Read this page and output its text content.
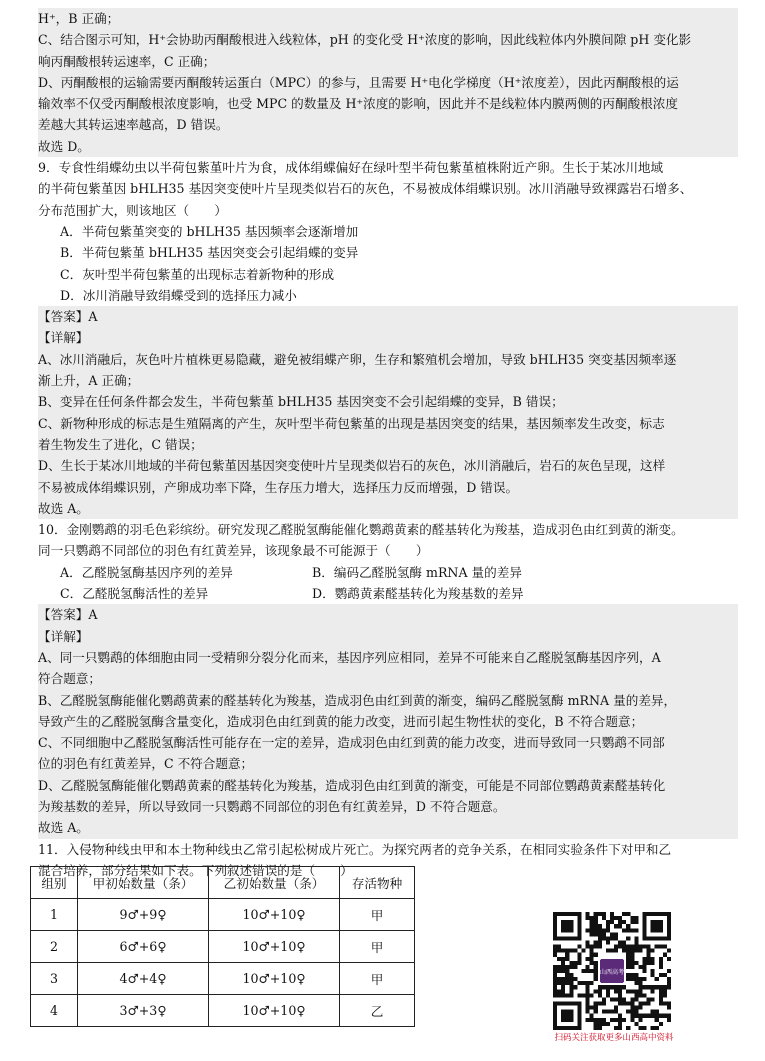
H⁺，B 正确；

C、结合图示可知，H⁺会协助丙酮酸根进入线粒体，pH 的变化受 H⁺浓度的影响，因此线粒体内外膜间隙 pH 变化影

响丙酮酸根转运速率，C 正确；

D、丙酮酸根的运输需要丙酮酸转运蛋白（MPC）的参与，且需要 H⁺电化学梯度（H⁺浓度差），因此丙酮酸根的运

输效率不仅受丙酮酸根浓度影响，也受 MPC 的数量及 H⁺浓度的影响，因此并不是线粒体内膜两侧的丙酮酸根浓度

差越大其转运速率越高，D 错误。

故选 D。

9．专食性绢蝶幼虫以半荷包紫堇叶片为食，成体绢蝶偏好在绿叶型半荷包紫堇植株附近产卵。生长于某冰川地域

的半荷包紫堇因 bHLH35 基因突变使叶片呈现类似岩石的灰色，不易被成体绢蝶识别。冰川消融导致裸露岩石增多、

分布范围扩大，则该地区（　　）

A．半荷包紫堇突变的 bHLH35 基因频率会逐渐增加

B．半荷包紫堇 bHLH35 基因突变会引起绢蝶的变异

C．灰叶型半荷包紫堇的出现标志着新物种的形成

D．冰川消融导致绢蝶受到的选择压力减小

【答案】A

【详解】

A、冰川消融后，灰色叶片植株更易隐藏，避免被绢蝶产卵，生存和繁殖机会增加，导致 bHLH35 突变基因频率逐

渐上升，A 正确；

B、变异在任何条件都会发生，半荷包紫堇 bHLH35 基因突变不会引起绢蝶的变异，B 错误；

C、新物种形成的标志是生殖隔离的产生，灰叶型半荷包紫堇的出现是基因突变的结果，基因频率发生改变，标志

着生物发生了进化，C 错误；

D、生长于某冰川地域的半荷包紫堇因基因突变使叶片呈现类似岩石的灰色，冰川消融后，岩石的灰色呈现，这样

不易被成体绢蝶识别，产卵成功率下降，生存压力增大，选择压力反而增强，D 错误。

故选 A。

10．金刚鹦鹉的羽毛色彩缤纷。研究发现乙醛脱氢酶能催化鹦鹉黄素的醛基转化为羧基，造成羽色由红到黄的渐变。

同一只鹦鹉不同部位的羽色有红黄差异，该现象最不可能源于（　　）

A．乙醛脱氢酶基因序列的差异	B．编码乙醛脱氢酶 mRNA 量的差异
C．乙醛脱氢酶活性的差异	D．鹦鹉黄素醛基转化为羧基数的差异

【答案】A

【详解】

A、同一只鹦鹉的体细胞由同一受精卵分裂分化而来，基因序列应相同，差异不可能来自乙醛脱氢酶基因序列，A

符合题意；

B、乙醛脱氢酶能催化鹦鹉黄素的醛基转化为羧基，造成羽色由红到黄的渐变，编码乙醛脱氢酶 mRNA 量的差异，

导致产生的乙醛脱氢酶含量变化，造成羽色由红到黄的能力改变，进而引起生物性状的变化，B 不符合题意；

C、不同细胞中乙醛脱氢酶活性可能存在一定的差异，造成羽色由红到黄的能力改变，进而导致同一只鹦鹉不同部

位的羽色有红黄差异，C 不符合题意；

D、乙醛脱氢酶能催化鹦鹉黄素的醛基转化为羧基，造成羽色由红到黄的渐变，可能是不同部位鹦鹉黄素醛基转化

为羧基数的差异，所以导致同一只鹦鹉不同部位的羽色有红黄差异，D 不符合题意。

故选 A。

11．入侵物种线虫甲和本土物种线虫乙常引起松树成片死亡。为探究两者的竞争关系，在相同实验条件下对甲和乙

混合培养，部分结果如下表。下列叙述错误的是（　　）

组别	甲初始数量（条）	乙初始数量（条）	存活物种
1	9♂+9♀	10♂+10♀	甲
2	6♂+6♀	10♂+10♀	甲
3	4♂+4♀	10♂+10♀	甲
4	3♂+3♀	10♂+10♀	乙
山西高考
扫码关注获取更多山西高中资料
